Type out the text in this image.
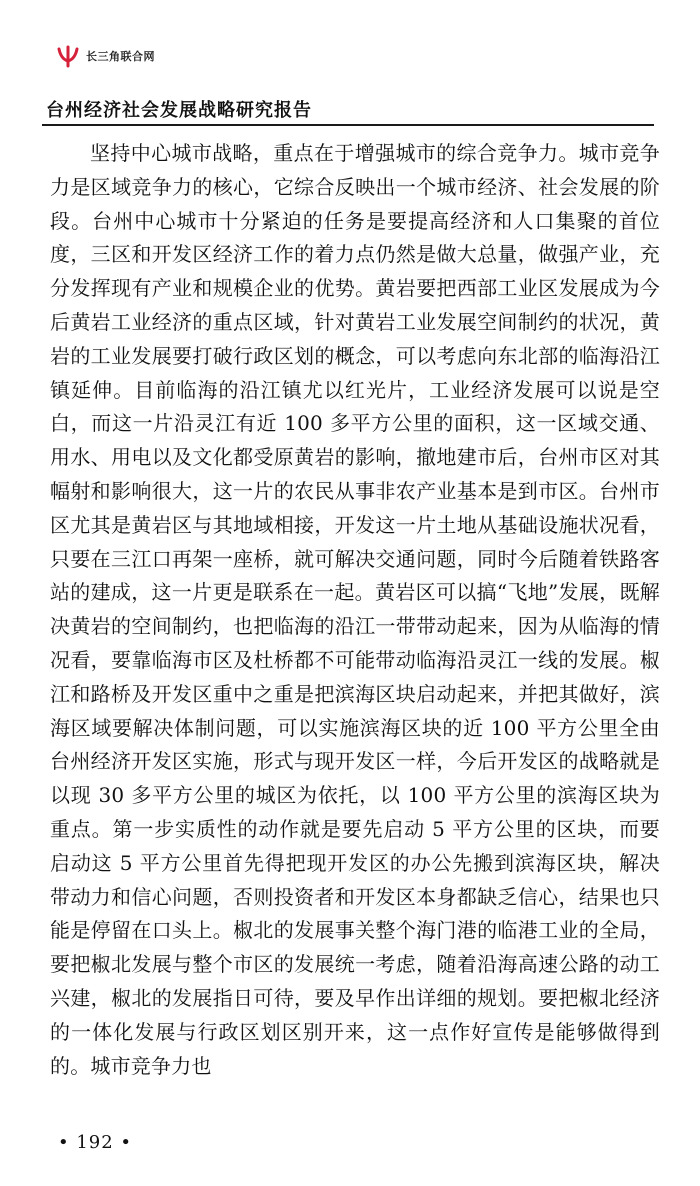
长三角联合网
台州经济社会发展战略研究报告

坚持中心城市战略，重点在于增强城市的综合竞争力。城市竞争力是区域竞争力的核心，它综合反映出一个城市经济、社会发展的阶段。台州中心城市十分紧迫的任务是要提高经济和人口集聚的首位度，三区和开发区经济工作的着力点仍然是做大总量，做强产业，充分发挥现有产业和规模企业的优势。黄岩要把西部工业区发展成为今后黄岩工业经济的重点区域，针对黄岩工业发展空间制约的状况，黄岩的工业发展要打破行政区划的概念，可以考虑向东北部的临海沿江镇延伸。目前临海的沿江镇尤以红光片，工业经济发展可以说是空白，而这一片沿灵江有近 100 多平方公里的面积，这一区域交通、用水、用电以及文化都受原黄岩的影响，撤地建市后，台州市区对其幅射和影响很大，这一片的农民从事非农产业基本是到市区。台州市区尤其是黄岩区与其地域相接，开发这一片土地从基础设施状况看，只要在三江口再架一座桥，就可解决交通问题，同时今后随着铁路客站的建成，这一片更是联系在一起。黄岩区可以搞“飞地”发展，既解决黄岩的空间制约，也把临海的沿江一带带动起来，因为从临海的情况看，要靠临海市区及杜桥都不可能带动临海沿灵江一线的发展。椒江和路桥及开发区重中之重是把滨海区块启动起来，并把其做好，滨海区域要解决体制问题，可以实施滨海区块的近 100 平方公里全由台州经济开发区实施，形式与现开发区一样，今后开发区的战略就是以现 30 多平方公里的城区为依托，以 100 平方公里的滨海区块为重点。第一步实质性的动作就是要先启动 5 平方公里的区块，而要启动这 5 平方公里首先得把现开发区的办公先搬到滨海区块，解决带动力和信心问题，否则投资者和开发区本身都缺乏信心，结果也只能是停留在口头上。椒北的发展事关整个海门港的临港工业的全局，要把椒北发展与整个市区的发展统一考虑，随着沿海高速公路的动工兴建，椒北的发展指日可待，要及早作出详细的规划。要把椒北经济的一体化发展与行政区划区别开来，这一点作好宣传是能够做得到的。城市竞争力也

• 192 •
